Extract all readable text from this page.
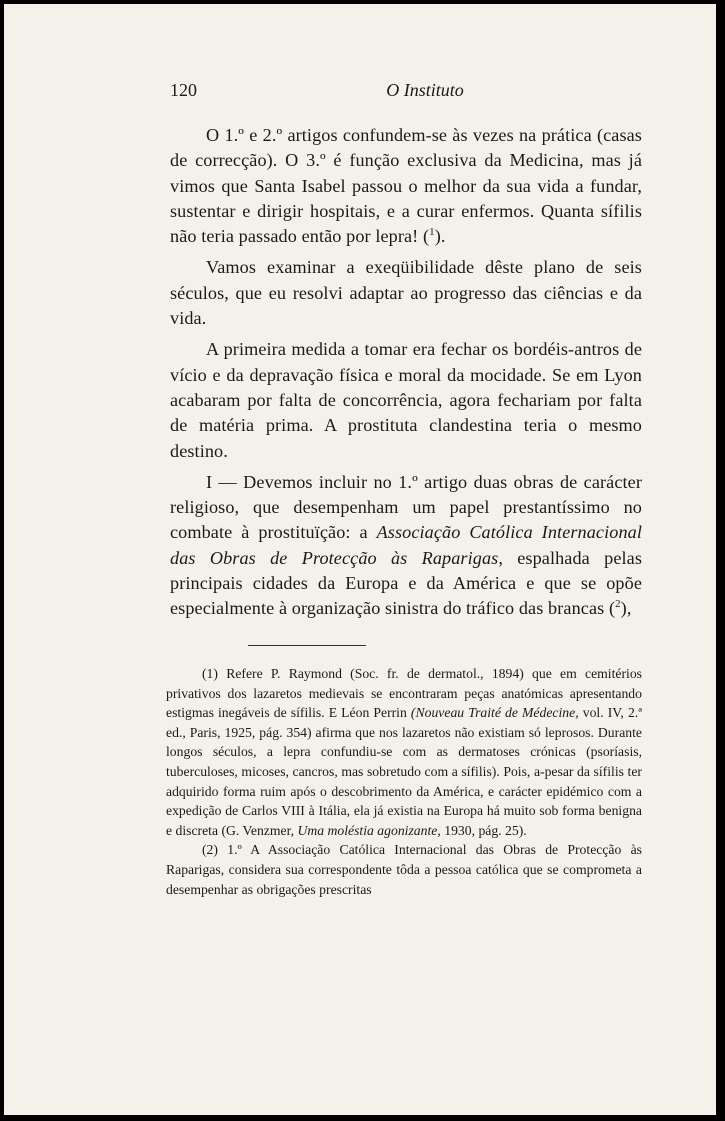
120	O Instituto

O 1.º e 2.º artigos confundem-se às vezes na prática (casas de correcção). O 3.º é função exclusiva da Medicina, mas já vimos que Santa Isabel passou o melhor da sua vida a fundar, sustentar e dirigir hospitais, e a curar enfermos. Quanta sífilis não teria passado então por lepra! ($^1$).

Vamos examinar a exeqüibilidade dêste plano de seis séculos, que eu resolvi adaptar ao progresso das ciências e da vida.

A primeira medida a tomar era fechar os bordéis-antros de vício e da depravação física e moral da mocidade. Se em Lyon acabaram por falta de concorrência, agora fechariam por falta de matéria prima. A prostituta clandestina teria o mesmo destino.

I — Devemos incluir no 1.º artigo duas obras de carácter religioso, que desempenham um papel prestantíssimo no combate à prostituïção: a Associação Católica Internacional das Obras de Protecção às Raparigas, espalhada pelas principais cidades da Europa e da América e que se opõe especialmente à organização sinistra do tráfico das brancas ($^2$),

(1) Refere P. Raymond (Soc. fr. de dermatol., 1894) que em cemitérios privativos dos lazaretos medievais se encontraram peças anatómicas apresentando estigmas inegáveis de sífilis. E Léon Perrin (Nouveau Traité de Médecine, vol. IV, 2.ª ed., Paris, 1925, pág. 354) afirma que nos lazaretos não existiam só leprosos. Durante longos séculos, a lepra confundiu-se com as dermatoses crónicas (psoríasis, tuberculoses, micoses, cancros, mas sobretudo com a sífilis). Pois, a-pesar da sífilis ter adquirido forma ruim após o descobrimento da América, e carácter epidémico com a expedição de Carlos VIII à Itália, ela já existia na Europa há muito sob forma benigna e discreta (G. Venzmer, Uma moléstia agonizante, 1930, pág. 25).

(2) 1.º A Associação Católica Internacional das Obras de Protecção às Raparigas, considera sua correspondente tôda a pessoa católica que se comprometa a desempenhar as obrigações prescritas
